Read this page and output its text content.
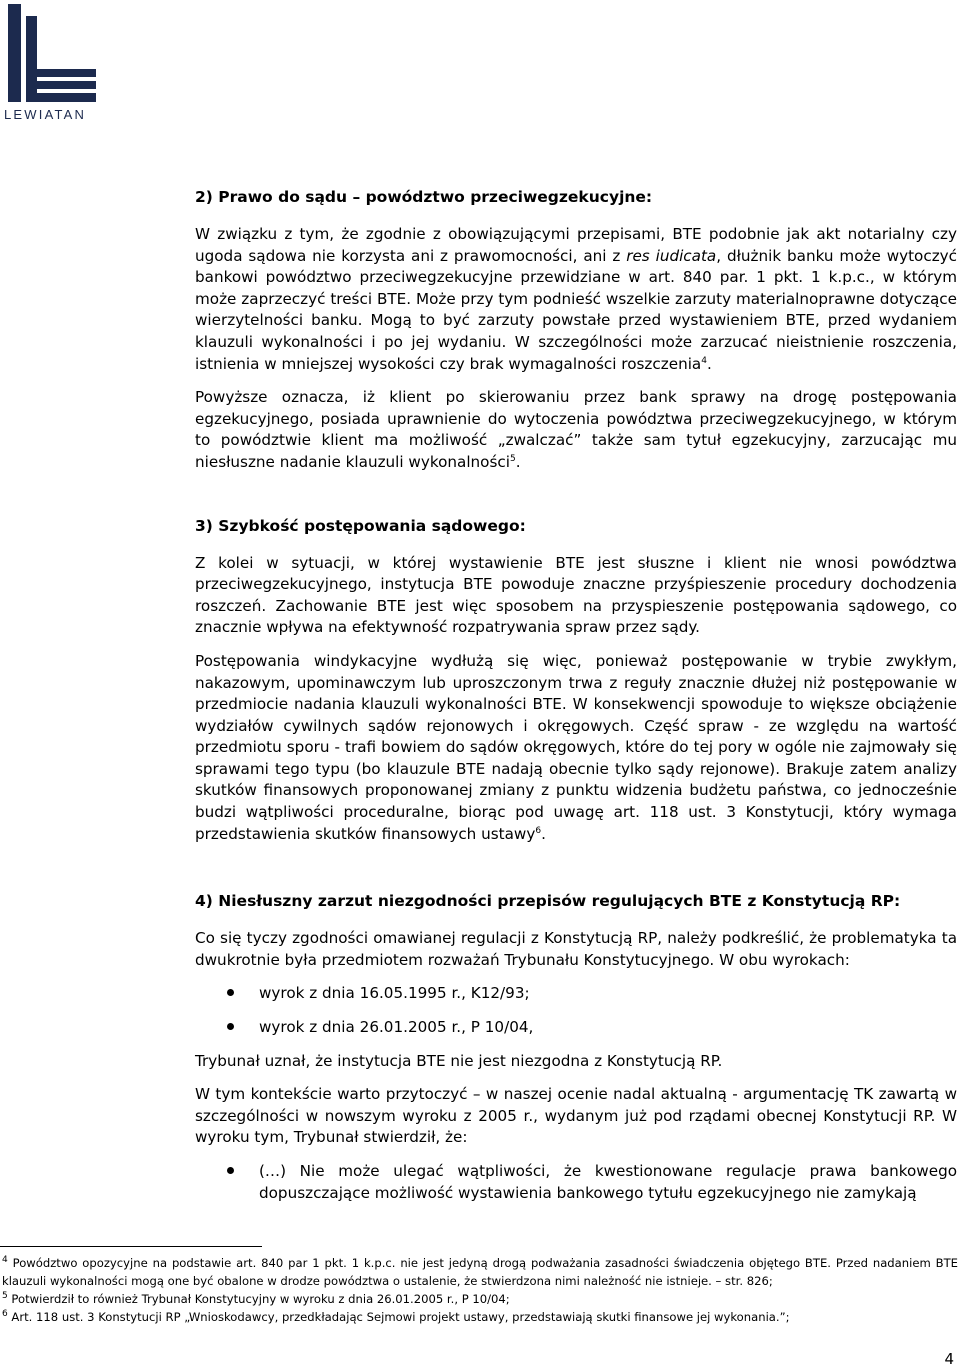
LEWIATAN
2) Prawo do sądu – powództwo przeciwegzekucyjne:

W związku z tym, że zgodnie z obowiązującymi przepisami, BTE podobnie jak akt notarialny czy ugoda sądowa nie korzysta ani z prawomocności, ani z res iudicata, dłużnik banku może wytoczyć bankowi powództwo przeciwegzekucyjne przewidziane w art. 840 par. 1 pkt. 1 k.p.c., w którym może zaprzeczyć treści BTE. Może przy tym podnieść wszelkie zarzuty materialnoprawne dotyczące wierzytelności banku. Mogą to być zarzuty powstałe przed wystawieniem BTE, przed wydaniem klauzuli wykonalności i po jej wydaniu. W szczególności może zarzucać nieistnienie roszczenia, istnienia w mniejszej wysokości czy brak wymagalności roszczenia$^4$.

Powyższe oznacza, iż klient po skierowaniu przez bank sprawy na drogę postępowania egzekucyjnego, posiada uprawnienie do wytoczenia powództwa przeciwegzekucyjnego, w którym to powództwie klient ma możliwość „zwalczać” także sam tytuł egzekucyjny, zarzucając mu niesłuszne nadanie klauzuli wykonalności$^5$.

3) Szybkość postępowania sądowego:

Z kolei w sytuacji, w której wystawienie BTE jest słuszne i klient nie wnosi powództwa przeciwegzekucyjnego, instytucja BTE powoduje znaczne przyśpieszenie procedury dochodzenia roszczeń. Zachowanie BTE jest więc sposobem na przyspieszenie postępowania sądowego, co znacznie wpływa na efektywność rozpatrywania spraw przez sądy.

Postępowania windykacyjne wydłużą się więc, ponieważ postępowanie w trybie zwykłym, nakazowym, upominawczym lub uproszczonym trwa z reguły znacznie dłużej niż postępowanie w przedmiocie nadania klauzuli wykonalności BTE. W konsekwencji spowoduje to większe obciążenie wydziałów cywilnych sądów rejonowych i okręgowych. Część spraw - ze względu na wartość przedmiotu sporu - trafi bowiem do sądów okręgowych, które do tej pory w ogóle nie zajmowały się sprawami tego typu (bo klauzule BTE nadają obecnie tylko sądy rejonowe). Brakuje zatem analizy skutków finansowych proponowanej zmiany z punktu widzenia budżetu państwa, co jednocześnie budzi wątpliwości proceduralne, biorąc pod uwagę art. 118 ust. 3 Konstytucji, który wymaga przedstawienia skutków finansowych ustawy$^6$.

4) Niesłuszny zarzut niezgodności przepisów regulujących BTE z Konstytucją RP:

Co się tyczy zgodności omawianej regulacji z Konstytucją RP, należy podkreślić, że problematyka ta dwukrotnie była przedmiotem rozważań Trybunału Konstytucyjnego. W obu wyrokach:

wyrok z dnia 16.05.1995 r., K12/93;
wyrok z dnia 26.01.2005 r., P 10/04,

Trybunał uznał, że instytucja BTE nie jest niezgodna z Konstytucją RP.

W tym kontekście warto przytoczyć – w naszej ocenie nadal aktualną - argumentację TK zawartą w szczególności w nowszym wyroku z 2005 r., wydanym już pod rządami obecnej Konstytucji RP. W wyroku tym, Trybunał stwierdził, że:

(…) Nie może ulegać wątpliwości, że kwestionowane regulacje prawa bankowego dopuszczające możliwość wystawienia bankowego tytułu egzekucyjnego nie zamykają
$^4$ Powództwo opozycyjne na podstawie art. 840 par 1 pkt. 1 k.p.c. nie jest jedyną drogą podważania zasadności świadczenia objętego BTE. Przed nadaniem BTE klauzuli wykonalności mogą one być obalone w drodze powództwa o ustalenie, że stwierdzona nimi należność nie istnieje. – str. 826;
$^5$ Potwierdził to również Trybunał Konstytucyjny w wyroku z dnia 26.01.2005 r., P 10/04;
$^6$ Art. 118 ust. 3 Konstytucji RP „Wnioskodawcy, przedkładając Sejmowi projekt ustawy, przedstawiają skutki finansowe jej wykonania.”;
4
